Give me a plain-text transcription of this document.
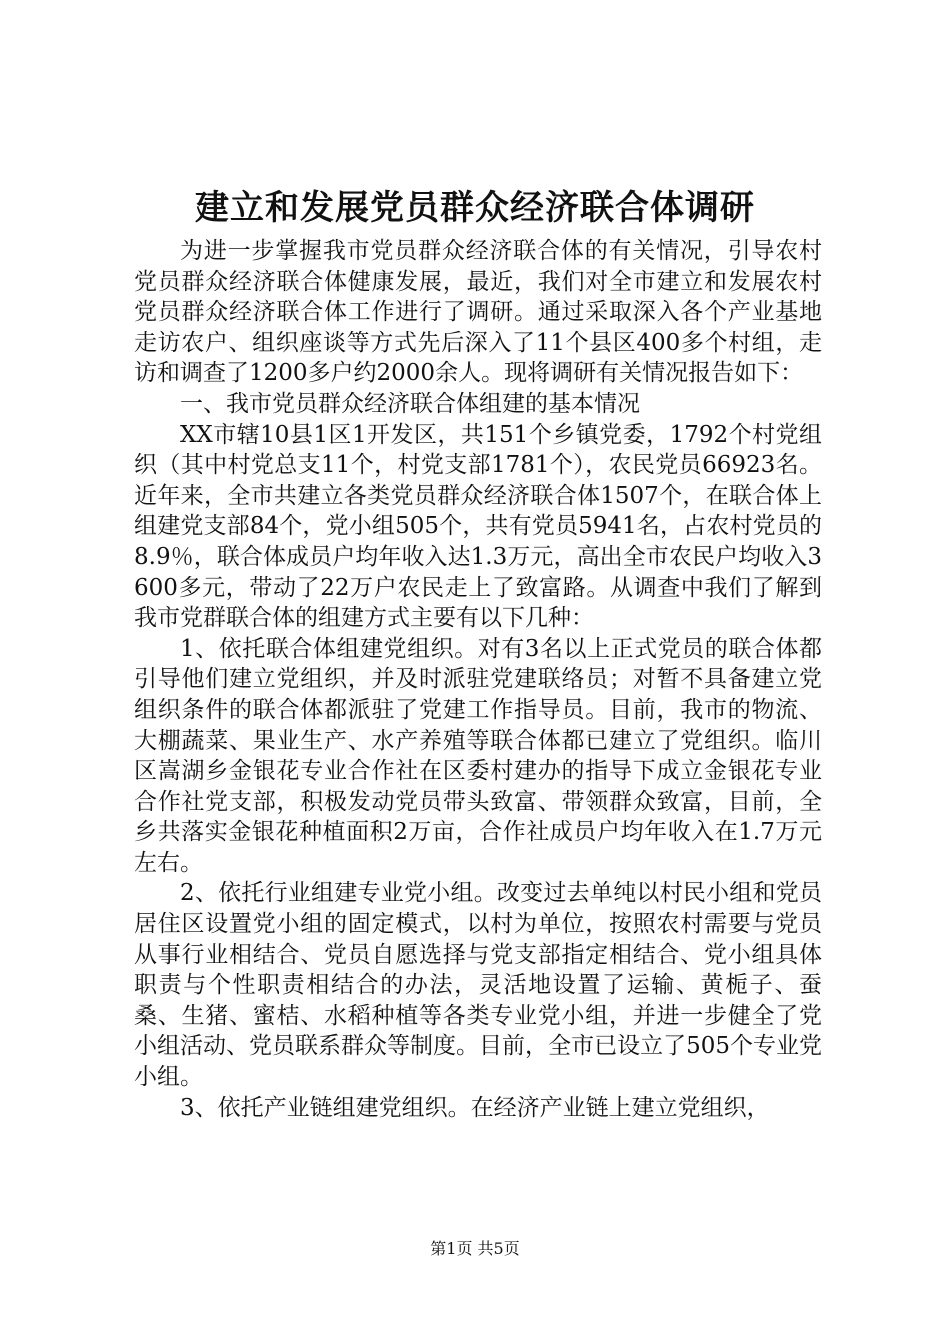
建立和发展党员群众经济联合体调研

为进一步掌握我市党员群众经济联合体的有关情况，引导农村党员群众经济联合体健康发展，最近，我们对全市建立和发展农村党员群众经济联合体工作进行了调研。通过采取深入各个产业基地走访农户、组织座谈等方式先后深入了11个县区400多个村组，走访和调查了1200多户约2000余人。现将调研有关情况报告如下：

一、我市党员群众经济联合体组建的基本情况

XX市辖10县1区1开发区，共151个乡镇党委，1792个村党组织（其中村党总支11个，村党支部1781个），农民党员66923名。近年来，全市共建立各类党员群众经济联合体1507个，在联合体上组建党支部84个，党小组505个，共有党员5941名，占农村党员的8.9％，联合体成员户均年收入达1.3万元，高出全市农民户均收入3600多元，带动了22万户农民走上了致富路。从调查中我们了解到我市党群联合体的组建方式主要有以下几种：

1、依托联合体组建党组织。对有3名以上正式党员的联合体都引导他们建立党组织，并及时派驻党建联络员；对暂不具备建立党组织条件的联合体都派驻了党建工作指导员。目前，我市的物流、大棚蔬菜、果业生产、水产养殖等联合体都已建立了党组织。临川区嵩湖乡金银花专业合作社在区委村建办的指导下成立金银花专业合作社党支部，积极发动党员带头致富、带领群众致富，目前，全乡共落实金银花种植面积2万亩，合作社成员户均年收入在1.7万元左右。

2、依托行业组建专业党小组。改变过去单纯以村民小组和党员居住区设置党小组的固定模式，以村为单位，按照农村需要与党员从事行业相结合、党员自愿选择与党支部指定相结合、党小组具体职责与个性职责相结合的办法，灵活地设置了运输、黄栀子、蚕桑、生猪、蜜桔、水稻种植等各类专业党小组，并进一步健全了党小组活动、党员联系群众等制度。目前，全市已设立了505个专业党小组。

3、依托产业链组建党组织。在经济产业链上建立党组织，

第1页 共5页
